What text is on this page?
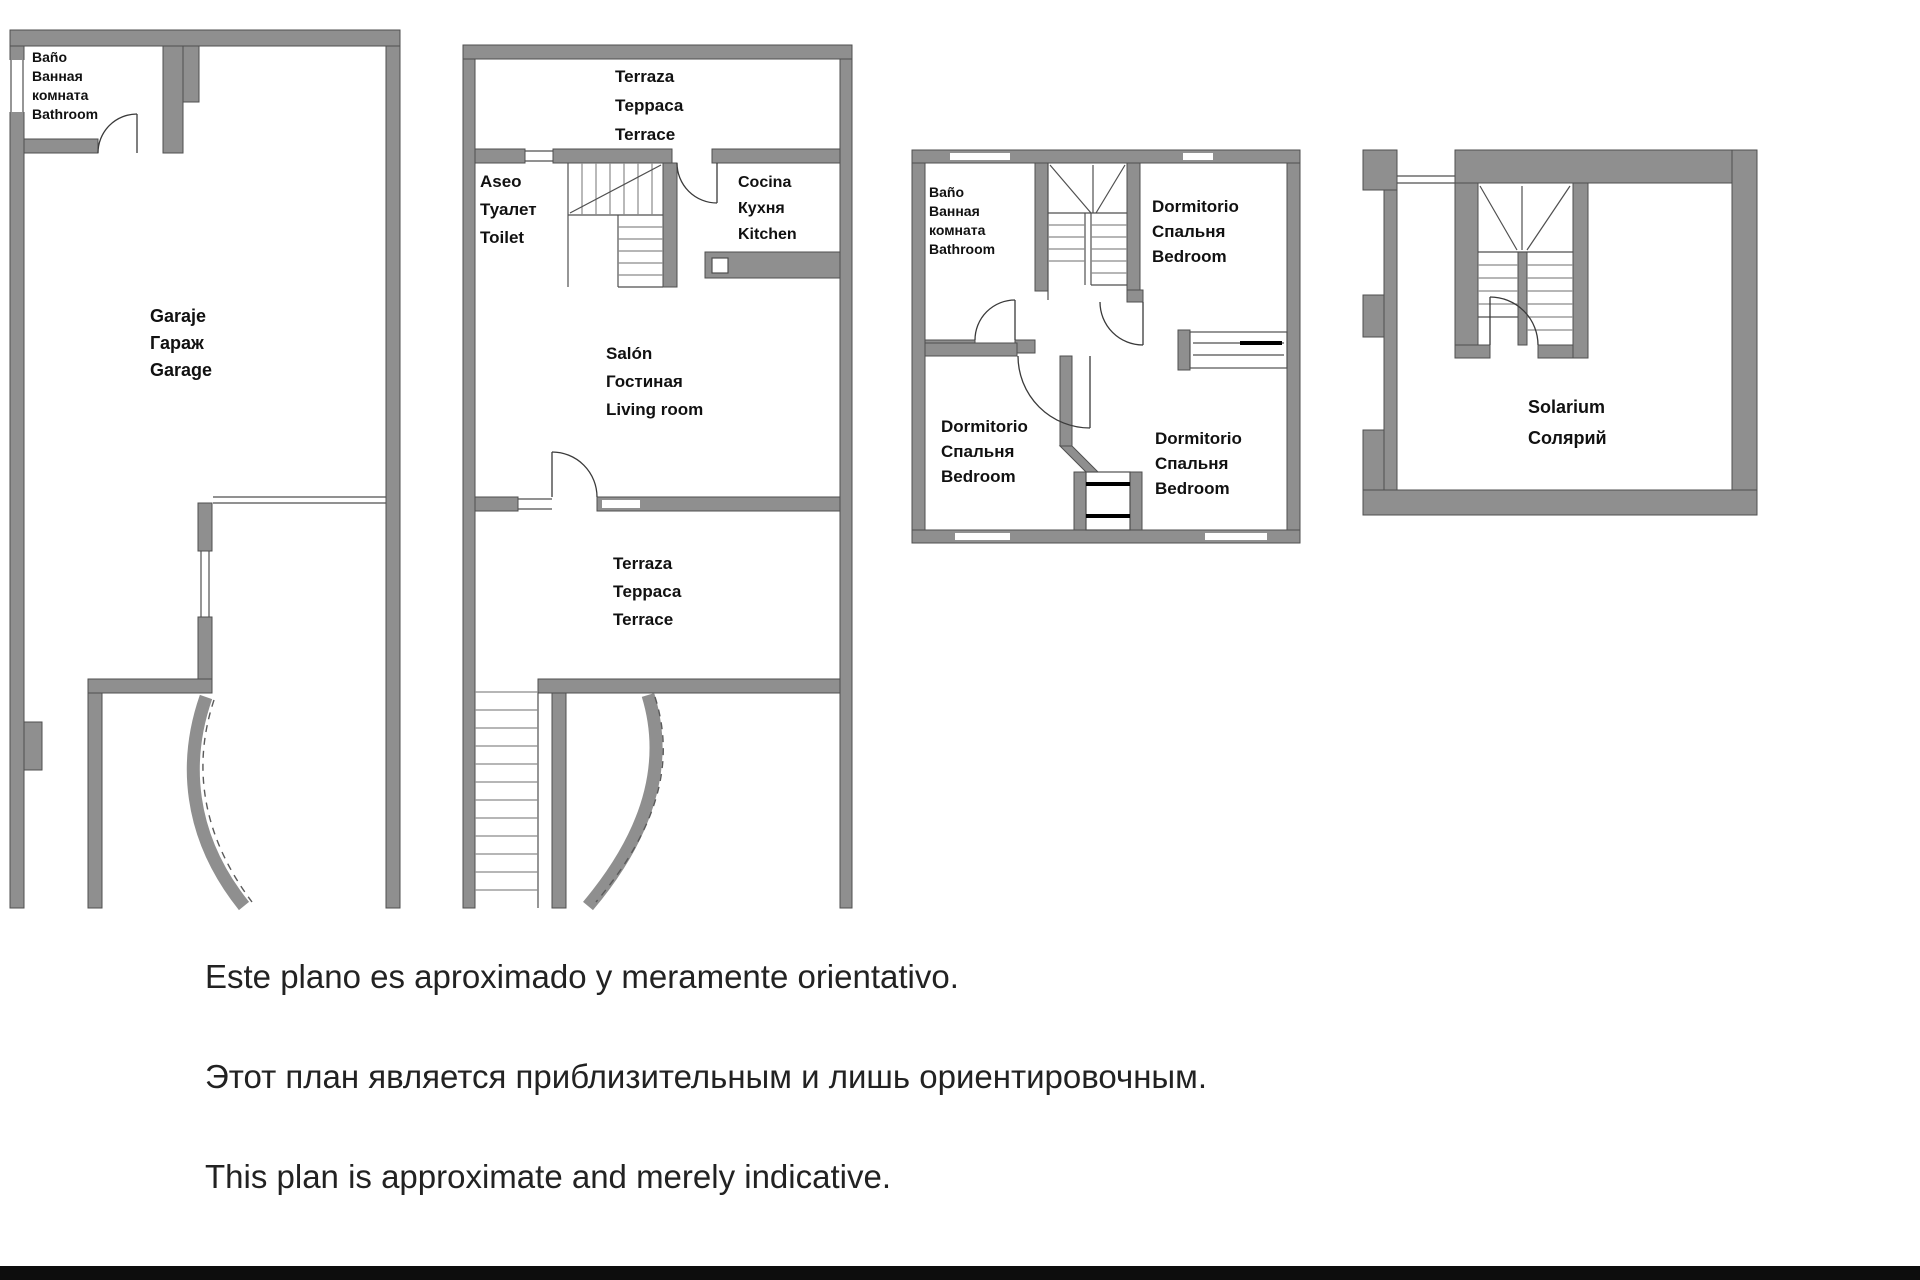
Baño
Ванная
комната
Bathroom
Garaje
Гараж
Garage
Terraza
Терраса
Terrace
Aseo
Туалет
Toilet
Cocina
Кухня
Kitchen
Salón
Гостиная
Living room
Terraza
Терраса
Terrace
Baño
Ванная
комната
Bathroom
Dormitorio
Спальня
Bedroom
Dormitorio
Спальня
Bedroom
Dormitorio
Спальня
Bedroom
Solarium
Солярий
Este plano es aproximado y meramente orientativo.
Этот план является приблизительным и лишь ориентировочным.
This plan is approximate and merely indicative.
